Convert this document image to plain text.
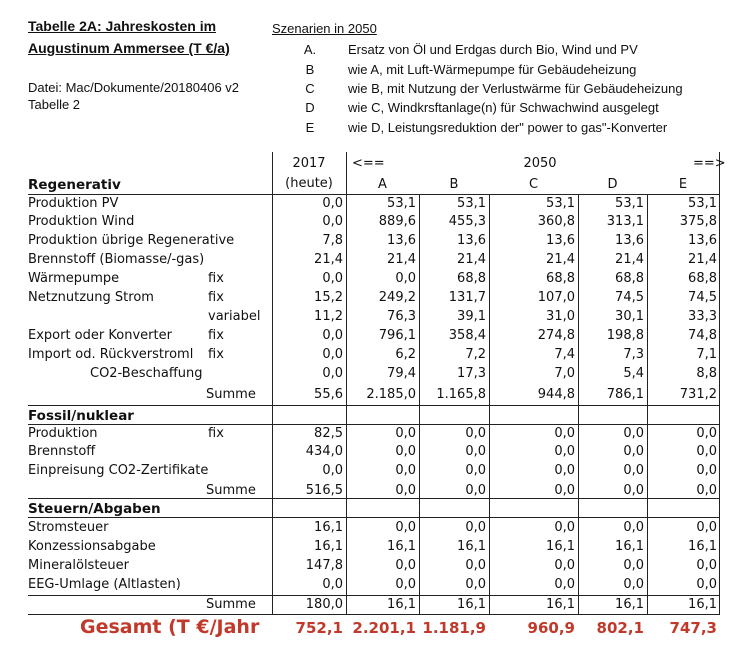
Tabelle 2A: Jahreskosten im
Augustinum Ammersee (T €/a)
Datei: Mac/Dokumente/20180406 v2
Tabelle 2
Szenarien in 2050
A.	Ersatz von Öl und Erdgas durch Bio, Wind und PV
B	wie A, mit Luft-Wärmepumpe für Gebäudeheizung
C	wie B, mit Nutzung der Verlustwärme für Gebäudeheizung
D	wie C, Windkrsftanlage(n) für Schwachwind ausgelegt
E	wie D, Leistungsreduktion der" power to gas"-Konverter
2017
(heute)
<==	2050	==>
A	B	C	D	E
Regenerativ
Fossil/nuklear
Steuern/Abgaben
Produktion PV	0,0	53,1	53,1	53,1	53,1	53,1
Produktion Wind	0,0	889,6	455,3	360,8	313,1	375,8
Produktion übrige Regenerative	7,8	13,6	13,6	13,6	13,6	13,6
Brennstoff (Biomasse/-gas)	21,4	21,4	21,4	21,4	21,4	21,4
Wärmepumpe	fix	0,0	0,0	68,8	68,8	68,8	68,8
Netznutzung Strom	fix	15,2	249,2	131,7	107,0	74,5	74,5
variabel	11,2	76,3	39,1	31,0	30,1	33,3
Export oder Konverter	fix	0,0	796,1	358,4	274,8	198,8	74,8
Import od. Rückverstroml fix	0,0	6,2	7,2	7,4	7,3	7,1
CO2-Beschaffung	0,0	79,4	17,3	7,0	5,4	8,8
Summe	55,6	2.185,0	1.165,8	944,8	786,1	731,2
Produktion	fix	82,5	0,0	0,0	0,0	0,0	0,0
Brennstoff	434,0	0,0	0,0	0,0	0,0	0,0
Einpreisung CO2-Zertifikate	0,0	0,0	0,0	0,0	0,0	0,0
Summe	516,5	0,0	0,0	0,0	0,0	0,0
Stromsteuer	16,1	0,0	0,0	0,0	0,0	0,0
Konzessionsabgabe	16,1	16,1	16,1	16,1	16,1	16,1
Mineralölsteuer	147,8	0,0	0,0	0,0	0,0	0,0
EEG-Umlage (Altlasten)	0,0	0,0	0,0	0,0	0,0	0,0
Summe	180,0	16,1	16,1	16,1	16,1	16,1
Gesamt (T €/Jahr	752,1 2.201,1 1.181,9	960,9	802,1	747,3
